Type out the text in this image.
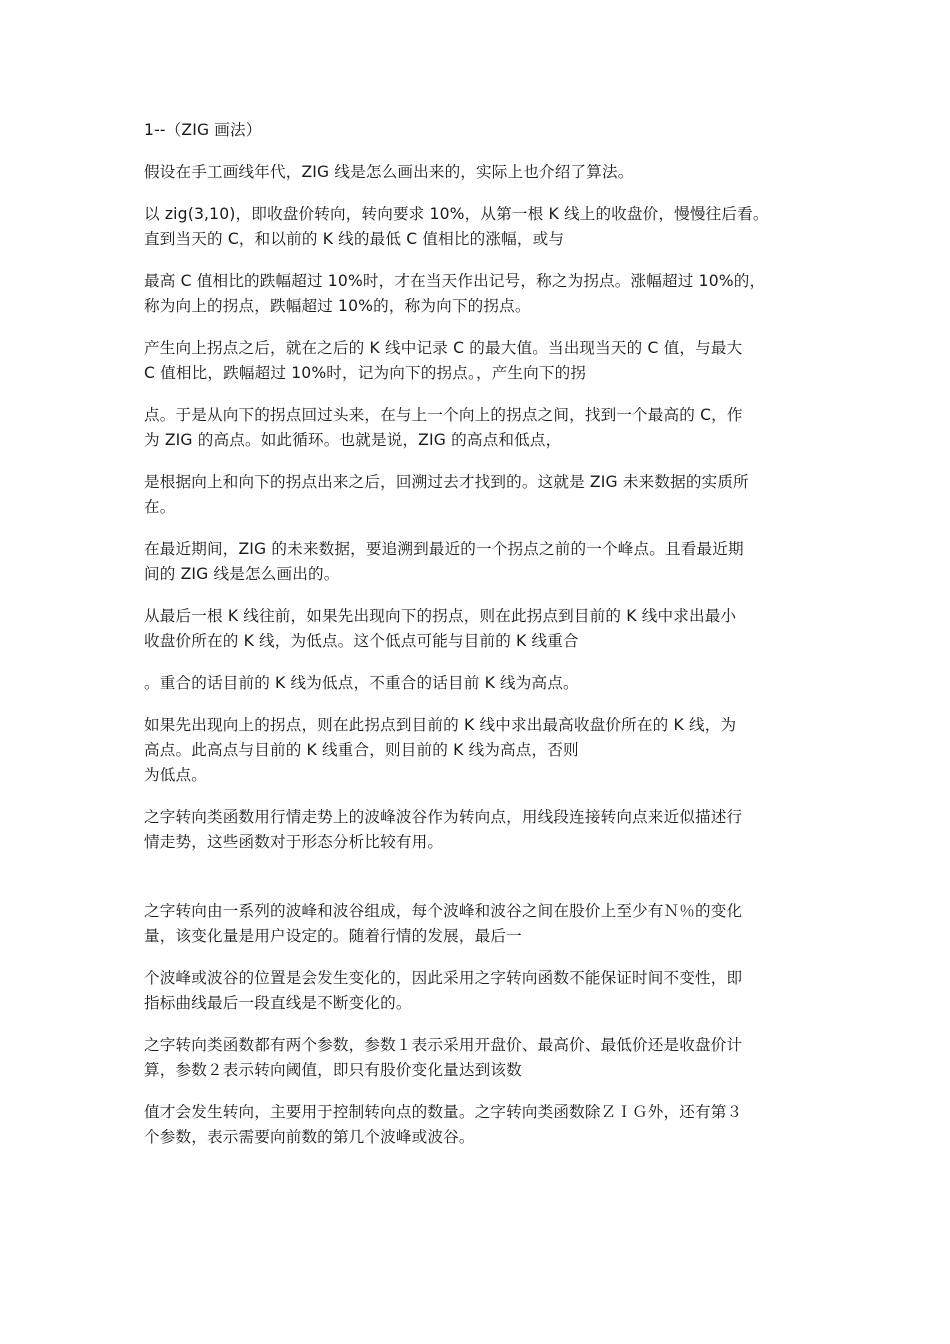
1--（ZIG 画法）

假设在手工画线年代，ZIG 线是怎么画出来的，实际上也介绍了算法。

以 zig(3,10)，即收盘价转向，转向要求 10%，从第一根 K 线上的收盘价，慢慢往后看。
直到当天的 C，和以前的 K 线的最低 C 值相比的涨幅，或与

最高 C 值相比的跌幅超过 10%时，才在当天作出记号，称之为拐点。涨幅超过 10%的，
称为向上的拐点，跌幅超过 10%的，称为向下的拐点。

产生向上拐点之后，就在之后的 K 线中记录 C 的最大值。当出现当天的 C 值，与最大
C 值相比，跌幅超过 10%时，记为向下的拐点。，产生向下的拐

点。于是从向下的拐点回过头来，在与上一个向上的拐点之间，找到一个最高的 C，作
为 ZIG 的高点。如此循环。也就是说，ZIG 的高点和低点，

是根据向上和向下的拐点出来之后，回溯过去才找到的。这就是 ZIG 未来数据的实质所
在。

在最近期间，ZIG 的未来数据，要追溯到最近的一个拐点之前的一个峰点。且看最近期
间的 ZIG 线是怎么画出的。

从最后一根 K 线往前，如果先出现向下的拐点，则在此拐点到目前的 K 线中求出最小
收盘价所在的 K 线，为低点。这个低点可能与目前的 K 线重合

。重合的话目前的 K 线为低点，不重合的话目前 K 线为高点。

如果先出现向上的拐点，则在此拐点到目前的 K 线中求出最高收盘价所在的 K 线，为
高点。此高点与目前的 K 线重合，则目前的 K 线为高点，否则
为低点。

之字转向类函数用行情走势上的波峰波谷作为转向点，用线段连接转向点来近似描述行
情走势，这些函数对于形态分析比较有用。

之字转向由一系列的波峰和波谷组成，每个波峰和波谷之间在股价上至少有Ｎ％的变化
量，该变化量是用户设定的。随着行情的发展，最后一

个波峰或波谷的位置是会发生变化的，因此采用之字转向函数不能保证时间不变性，即
指标曲线最后一段直线是不断变化的。

之字转向类函数都有两个参数，参数１表示采用开盘价、最高价、最低价还是收盘价计
算，参数２表示转向阈值，即只有股价变化量达到该数

值才会发生转向，主要用于控制转向点的数量。之字转向类函数除ＺＩＧ外，还有第３
个参数，表示需要向前数的第几个波峰或波谷。
